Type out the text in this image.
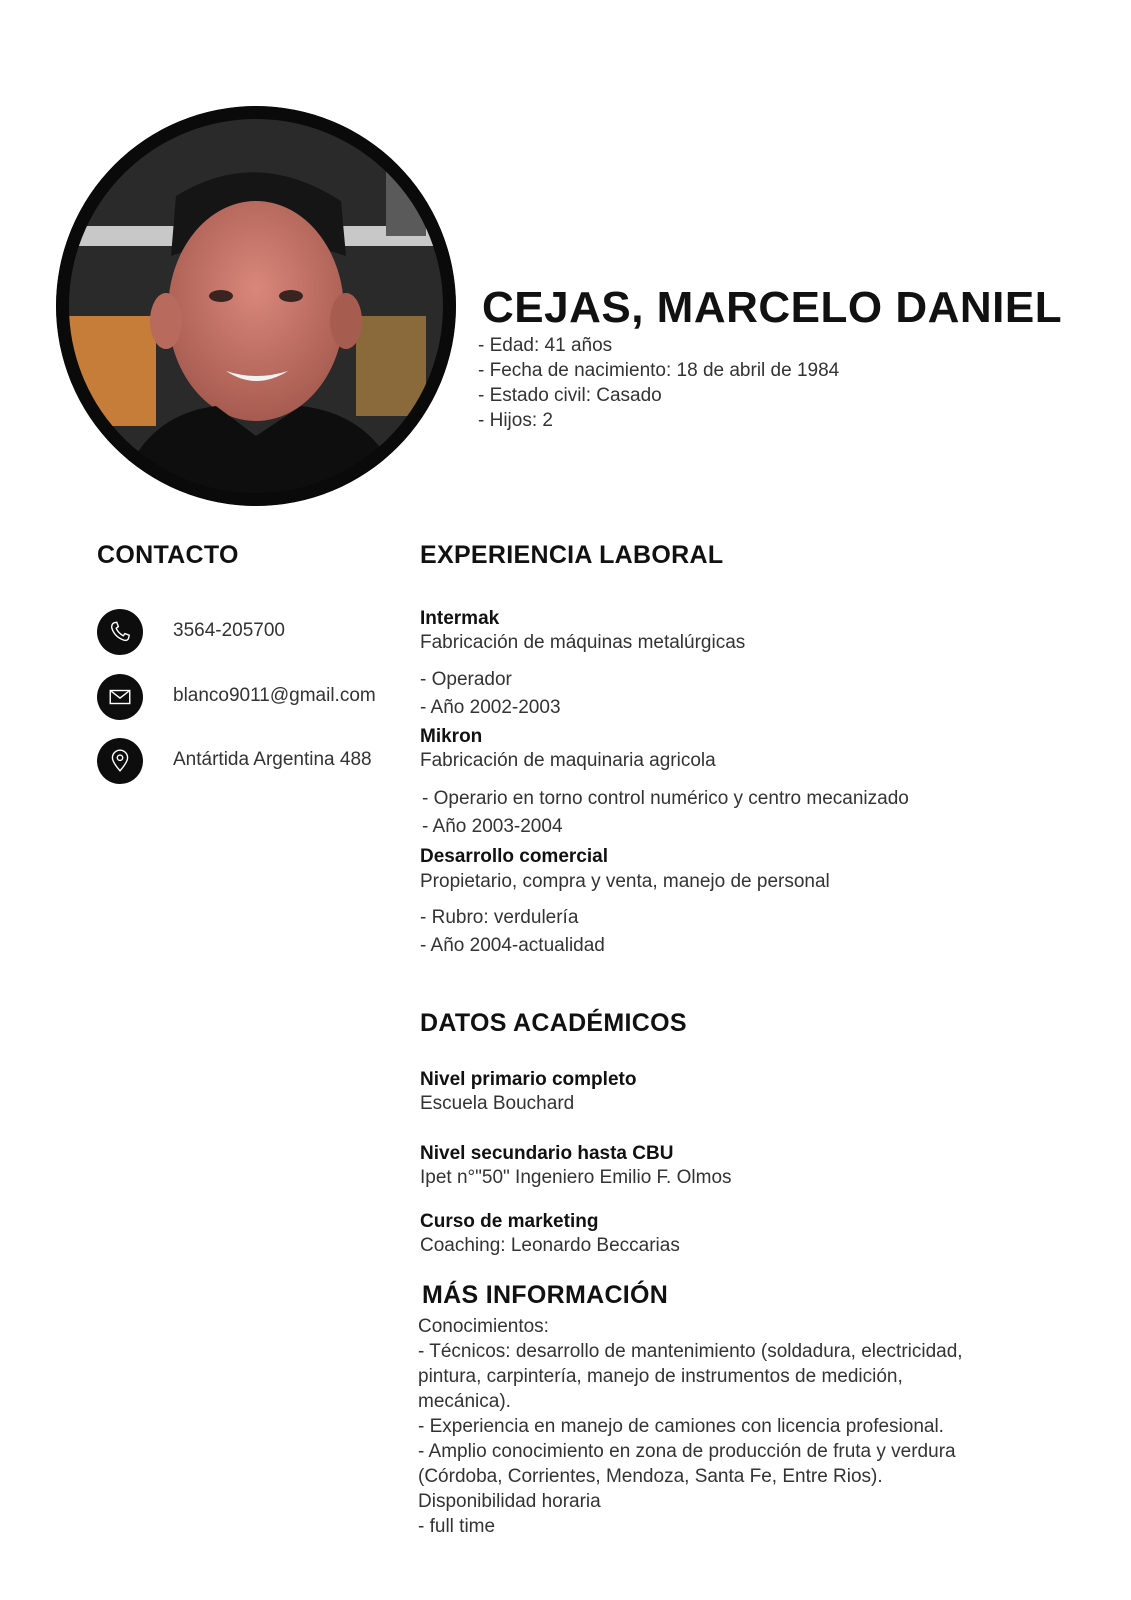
CEJAS, MARCELO DANIEL
- Edad: 41 años
- Fecha de nacimiento: 18 de abril de 1984
- Estado civil: Casado
- Hijos: 2
CONTACTO
3564-205700
blanco9011@gmail.com
Antártida Argentina 488
EXPERIENCIA LABORAL
Intermak
Fabricación de máquinas metalúrgicas
- Operador
- Año 2002-2003
Mikron
Fabricación de maquinaria agricola
- Operario en torno control numérico y centro mecanizado
- Año 2003-2004
Desarrollo comercial
Propietario, compra y venta, manejo de personal
- Rubro: verdulería
- Año 2004-actualidad
DATOS ACADÉMICOS
Nivel primario completo
Escuela Bouchard
Nivel secundario hasta CBU
Ipet n°"50" Ingeniero Emilio F. Olmos
Curso de marketing
Coaching: Leonardo Beccarias
MÁS INFORMACIÓN
Conocimientos:
- Técnicos: desarrollo de mantenimiento (soldadura, electricidad,
pintura, carpintería, manejo de instrumentos de medición,
mecánica).
- Experiencia en manejo de camiones con licencia profesional.
- Amplio conocimiento en zona de producción de fruta y verdura
(Córdoba, Corrientes, Mendoza, Santa Fe, Entre Rios).
Disponibilidad horaria
- full time
